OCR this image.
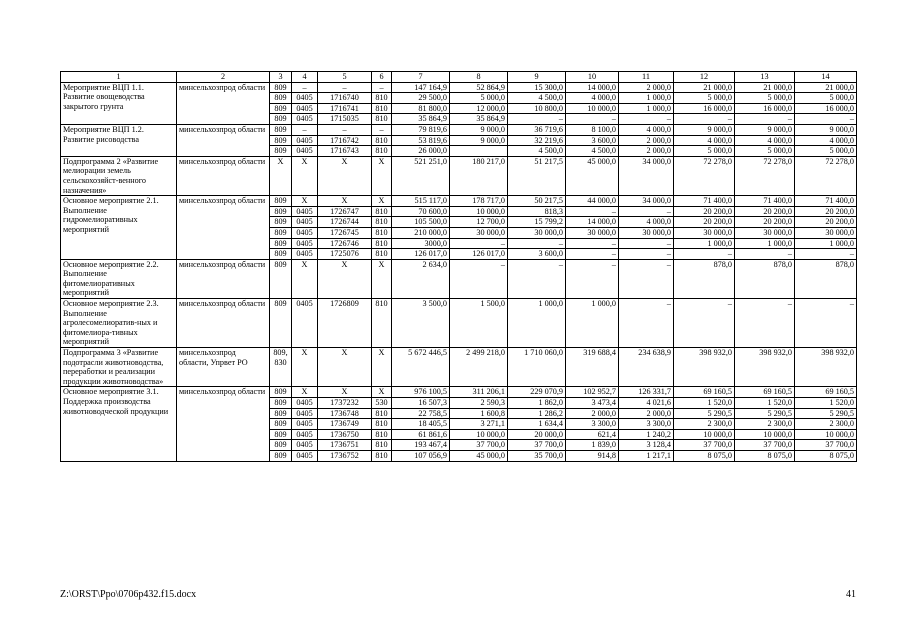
1	2	3	4	5	6	7	8	9	10	11	12	13	14
Мероприятие ВЦП 1.1. Развитие овощеводства закрытого грунта	минсельхозпрод области	809	–	–	–	147 164,9	52 864,9	15 300,0	14 000,0	2 000,0	21 000,0	21 000,0	21 000,0
		809	0405	1716740	810	29 500,0	5 000,0	4 500,0	4 000,0	1 000,0	5 000,0	5 000,0	5 000,0
		809	0405	1716741	810	81 800,0	12 000,0	10 800,0	10 000,0	1 000,0	16 000,0	16 000,0	16 000,0
		809	0405	1715035	810	35 864,9	35 864,9	–	–	–	–	–	–
Мероприятие ВЦП 1.2. Развитие рисоводства	минсельхозпрод области	809	–	–	–	79 819,6	9 000,0	36 719,6	8 100,0	4 000,0	9 000,0	9 000,0	9 000,0
		809	0405	1716742	810	53 819,6	9 000,0	32 219,6	3 600,0	2 000,0	4 000,0	4 000,0	4 000,0
		809	0405	1716743	810	26 000,0		4 500,0	4 500,0	2 000,0	5 000,0	5 000,0	5 000,0
Подпрограмма 2 «Развитие мелиорации земель сельскохозяйст-венного назначения»	минсельхозпрод области	X	X	X	X	521 251,0	180 217,0	51 217,5	45 000,0	34 000,0	72 278,0	72 278,0	72 278,0
Основное мероприятие 2.1. Выполнение гидромелиоративных мероприятий	минсельхозпрод области	809	X	X	X	515 117,0	178 717,0	50 217,5	44 000,0	34 000,0	71 400,0	71 400,0	71 400,0
		809	0405	1726747	810	70 600,0	10 000,0	818,3	–	–	20 200,0	20 200,0	20 200,0
		809	0405	1726744	810	105 500,0	12 700,0	15 799,2	14 000,0	4 000,0	20 200,0	20 200,0	20 200,0
		809	0405	1726745	810	210 000,0	30 000,0	30 000,0	30 000,0	30 000,0	30 000,0	30 000,0	30 000,0
		809	0405	1726746	810	3000,0	–	–	–	–	1 000,0	1 000,0	1 000,0
		809	0405	1725076	810	126 017,0	126 017,0	3 600,0	–	–	–	–	–
Основное мероприятие 2.2. Выполнение фитомелиоративных мероприятий	минсельхозпрод области	809	X	X	X	2 634,0	–	–	–	–	878,0	878,0	878,0
Основное мероприятие 2.3. Выполнение агролесомелиоратив-ных и фитомелиора-тивных мероприятий	минсельхозпрод области	809	0405	1726809	810	3 500,0	1 500,0	1 000,0	1 000,0	–	–	–	–
Подпрограмма 3 «Развитие подотрасли животноводства, переработки и реализации продукции животноводства»	минсельхозпрод области, Упрвет РО	809, 830	X	X	X	5 672 446,5	2 499 218,0	1 710 060,0	319 688,4	234 638,9	398 932,0	398 932,0	398 932,0
Основное мероприятие 3.1. Поддержка производства животноводческой продукции	минсельхозпрод области	809	X	X	X	976 100,5	311 206,1	229 070,9	102 952,7	126 331,7	69 160,5	69 160,5	69 160,5
		809	0405	1737232	530	16 507,3	2 590,3	1 862,0	3 473,4	4 021,6	1 520,0	1 520,0	1 520,0
		809	0405	1736748	810	22 758,5	1 600,8	1 286,2	2 000,0	2 000,0	5 290,5	5 290,5	5 290,5
		809	0405	1736749	810	18 405,5	3 271,1	1 634,4	3 300,0	3 300,0	2 300,0	2 300,0	2 300,0
		809	0405	1736750	810	61 861,6	10 000,0	20 000,0	621,4	1 240,2	10 000,0	10 000,0	10 000,0
		809	0405	1736751	810	193 467,4	37 700,0	37 700,0	1 839,0	3 128,4	37 700,0	37 700,0	37 700,0
		809	0405	1736752	810	107 056,9	45 000,0	35 700,0	914,8	1 217,1	8 075,0	8 075,0	8 075,0
Z:\ORST\Ppo\0706p432.f15.docx	41
